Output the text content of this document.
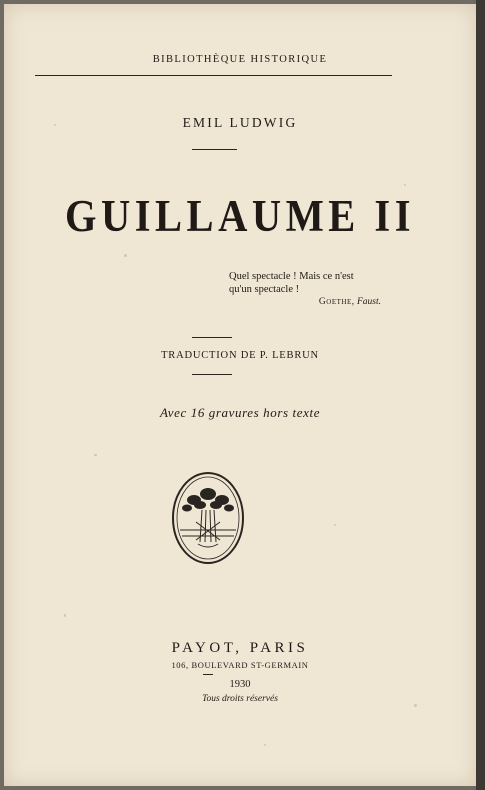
BIBLIOTHÈQUE HISTORIQUE
EMIL LUDWIG
GUILLAUME II
Quel spectacle ! Mais ce n'est
qu'un spectacle !
Goethe, Faust.
TRADUCTION DE P. LEBRUN
Avec 16 gravures hors texte
PAYOT, PARIS
106, BOULEVARD ST-GERMAIN
1930
Tous droits réservés
